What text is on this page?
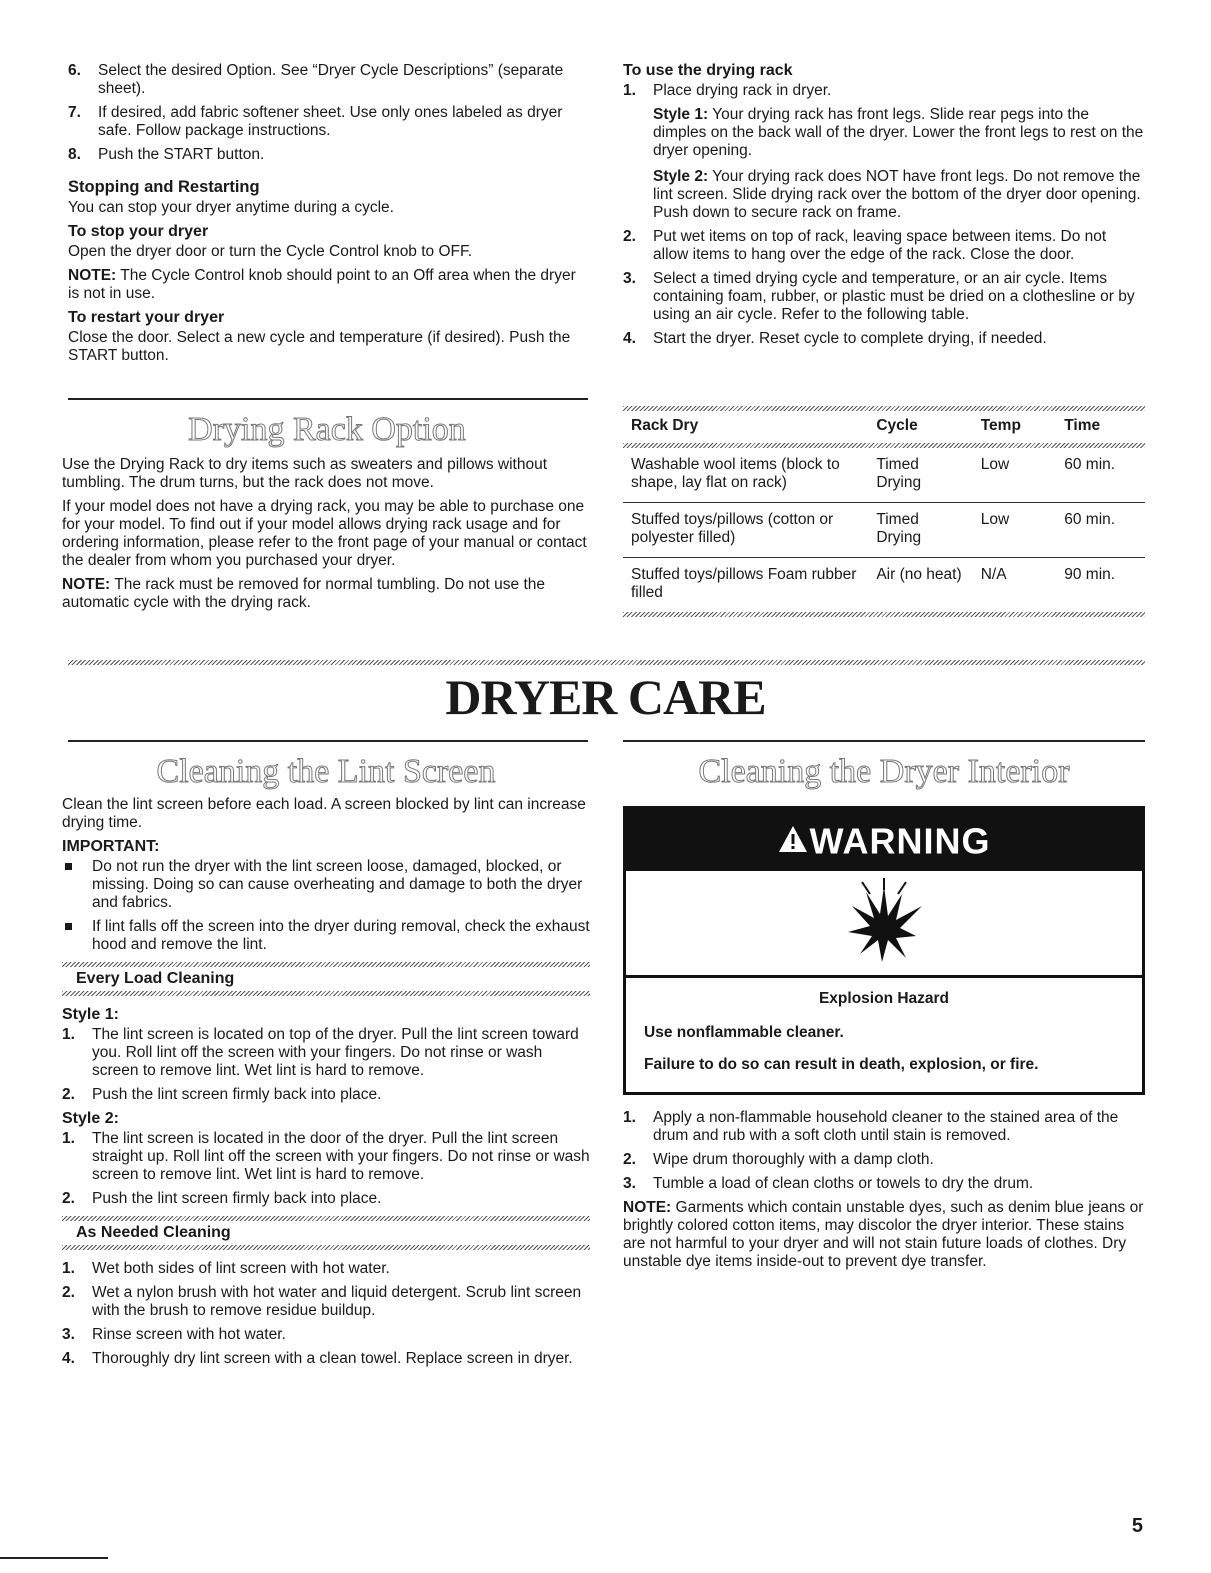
6. Select the desired Option. See “Dryer Cycle Descriptions” (separate sheet).
7. If desired, add fabric softener sheet. Use only ones labeled as dryer safe. Follow package instructions.
8. Push the START button.
Stopping and Restarting

You can stop your dryer anytime during a cycle.

To stop your dryer

Open the dryer door or turn the Cycle Control knob to OFF.

NOTE: The Cycle Control knob should point to an Off area when the dryer is not in use.

To restart your dryer

Close the door. Select a new cycle and temperature (if desired). Push the START button.

Drying Rack Option

Use the Drying Rack to dry items such as sweaters and pillows without tumbling. The drum turns, but the rack does not move.

If your model does not have a drying rack, you may be able to purchase one for your model. To find out if your model allows drying rack usage and for ordering information, please refer to the front page of your manual or contact the dealer from whom you purchased your dryer.

NOTE: The rack must be removed for normal tumbling. Do not use the automatic cycle with the drying rack.

To use the drying rack
1. Place drying rack in dryer.

Style 1: Your drying rack has front legs. Slide rear pegs into the dimples on the back wall of the dryer. Lower the front legs to rest on the dryer opening.

Style 2: Your drying rack does NOT have front legs. Do not remove the lint screen. Slide drying rack over the bottom of the dryer door opening. Push down to secure rack on frame.

2. Put wet items on top of rack, leaving space between items. Do not allow items to hang over the edge of the rack. Close the door.
3. Select a timed drying cycle and temperature, or an air cycle. Items containing foam, rubber, or plastic must be dried on a clothesline or by using an air cycle. Refer to the following table.
4. Start the dryer. Reset cycle to complete drying, if needed.
Rack Dry	Cycle	Temp	Time

Washable wool items (block to shape, lay flat on rack)	Timed Drying	Low	60 min.
Stuffed toys/pillows (cotton or polyester filled)	Timed Drying	Low	60 min.
Stuffed toys/pillows Foam rubber filled	Air (no heat)	N/A	90 min.
DRYER CARE
Cleaning the Lint Screen

Clean the lint screen before each load. A screen blocked by lint can increase drying time.

IMPORTANT:
Do not run the dryer with the lint screen loose, damaged, blocked, or missing. Doing so can cause overheating and damage to both the dryer and fabrics.
If lint falls off the screen into the dryer during removal, check the exhaust hood and remove the lint.
Every Load Cleaning
Style 1:
1. The lint screen is located on top of the dryer. Pull the lint screen toward you. Roll lint off the screen with your fingers. Do not rinse or wash screen to remove lint. Wet lint is hard to remove.
2. Push the lint screen firmly back into place.
Style 2:
1. The lint screen is located in the door of the dryer. Pull the lint screen straight up. Roll lint off the screen with your fingers. Do not rinse or wash screen to remove lint. Wet lint is hard to remove.
2. Push the lint screen firmly back into place.
As Needed Cleaning
1. Wet both sides of lint screen with hot water.
2. Wet a nylon brush with hot water and liquid detergent. Scrub lint screen with the brush to remove residue buildup.
3. Rinse screen with hot water.
4. Thoroughly dry lint screen with a clean towel. Replace screen in dryer.
Cleaning the Dryer Interior
WARNING

Explosion Hazard

Use nonflammable cleaner.

Failure to do so can result in death, explosion, or fire.

1. Apply a non-flammable household cleaner to the stained area of the drum and rub with a soft cloth until stain is removed.
2. Wipe drum thoroughly with a damp cloth.
3. Tumble a load of clean cloths or towels to dry the drum.

NOTE: Garments which contain unstable dyes, such as denim blue jeans or brightly colored cotton items, may discolor the dryer interior. These stains are not harmful to your dryer and will not stain future loads of clothes. Dry unstable dye items inside-out to prevent dye transfer.

5
